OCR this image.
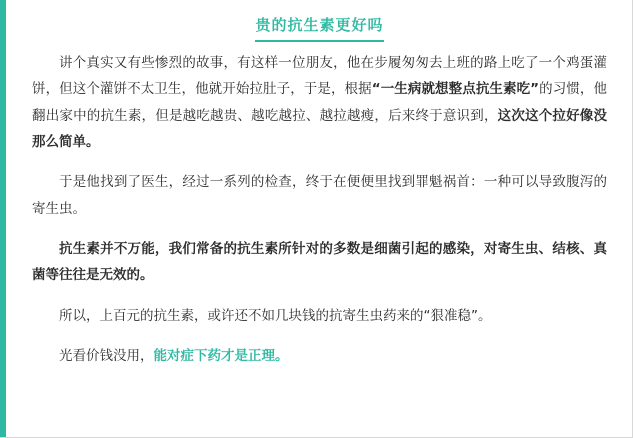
贵的抗生素更好吗
讲个真实又有些惨烈的故事，有这样一位朋友，他在步履匆匆去上班的路上吃了一个鸡蛋灌饼，但这个灌饼不太卫生，他就开始拉肚子，于是，根据“一生病就想整点抗生素吃”的习惯，他翻出家中的抗生素，但是越吃越贵、越吃越拉、越拉越瘦，后来终于意识到，这次这个拉好像没那么简单。
于是他找到了医生，经过一系列的检查，终于在便便里找到罪魁祸首：一种可以导致腹泻的寄生虫。
抗生素并不万能，我们常备的抗生素所针对的多数是细菌引起的感染，对寄生虫、结核、真菌等往往是无效的。
所以，上百元的抗生素，或许还不如几块钱的抗寄生虫药来的“狠准稳”。
光看价钱没用，能对症下药才是正理。
